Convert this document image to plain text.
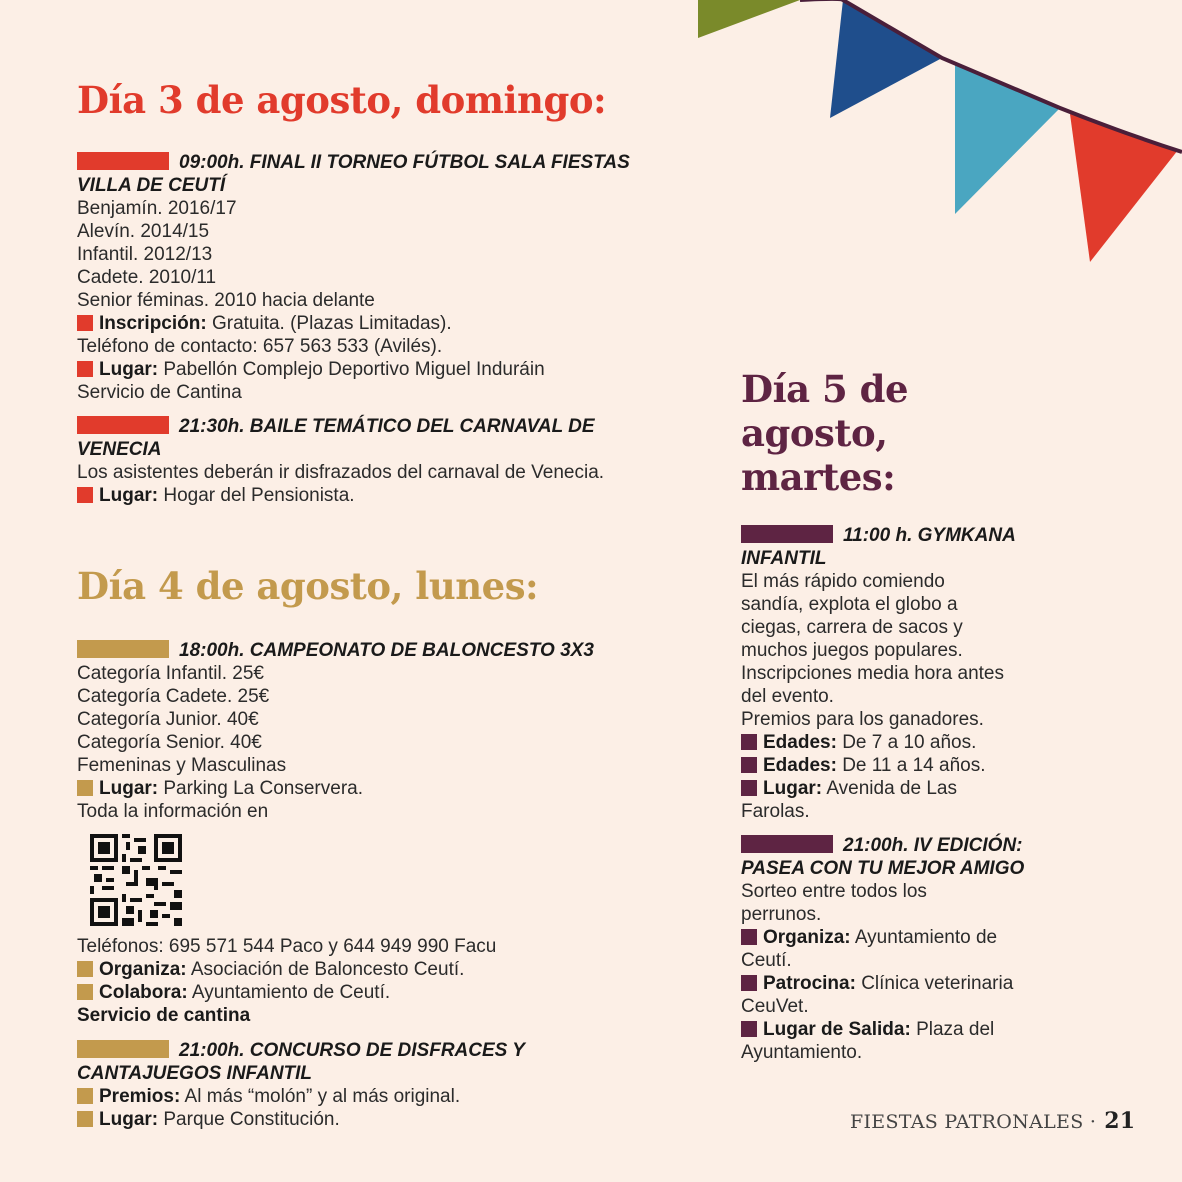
Día 3 de agosto, domingo:
09:00h. FINAL II TORNEO FÚTBOL SALA FIESTAS
VILLA DE CEUTÍ
Benjamín. 2016/17
Alevín. 2014/15
Infantil. 2012/13
Cadete. 2010/11
Senior féminas. 2010 hacia delante
Inscripción: Gratuita. (Plazas Limitadas).
Teléfono de contacto: 657 563 533 (Avilés).
Lugar: Pabellón Complejo Deportivo Miguel Induráin
Servicio de Cantina
21:30h. BAILE TEMÁTICO DEL CARNAVAL DE
VENECIA
Los asistentes deberán ir disfrazados del carnaval de Venecia.
Lugar: Hogar del Pensionista.
Día 4 de agosto, lunes:
18:00h. CAMPEONATO DE BALONCESTO 3X3
Categoría Infantil. 25€
Categoría Cadete. 25€
Categoría Junior. 40€
Categoría Senior. 40€
Femeninas y Masculinas
Lugar: Parking La Conservera.
Toda la información en
Teléfonos: 695 571 544 Paco y 644 949 990 Facu
Organiza: Asociación de Baloncesto Ceutí.
Colabora: Ayuntamiento de Ceutí.
Servicio de cantina
21:00h. CONCURSO DE DISFRACES Y
CANTAJUEGOS INFANTIL
Premios: Al más “molón” y al más original.
Lugar: Parque Constitución.
Día 5 de
agosto,
martes:
11:00 h. GYMKANA
INFANTIL
El más rápido comiendo
sandía, explota el globo a
ciegas, carrera de sacos y
muchos juegos populares.
Inscripciones media hora antes
del evento.
Premios para los ganadores.
Edades: De 7 a 10 años.
Edades: De 11 a 14 años.
Lugar: Avenida de Las
Farolas.
21:00h. IV EDICIÓN:
PASEA CON TU MEJOR AMIGO
Sorteo entre todos los
perrunos.
Organiza: Ayuntamiento de
Ceutí.
Patrocina: Clínica veterinaria
CeuVet.
Lugar de Salida: Plaza del
Ayuntamiento.
FIESTAS PATRONALES · 21
